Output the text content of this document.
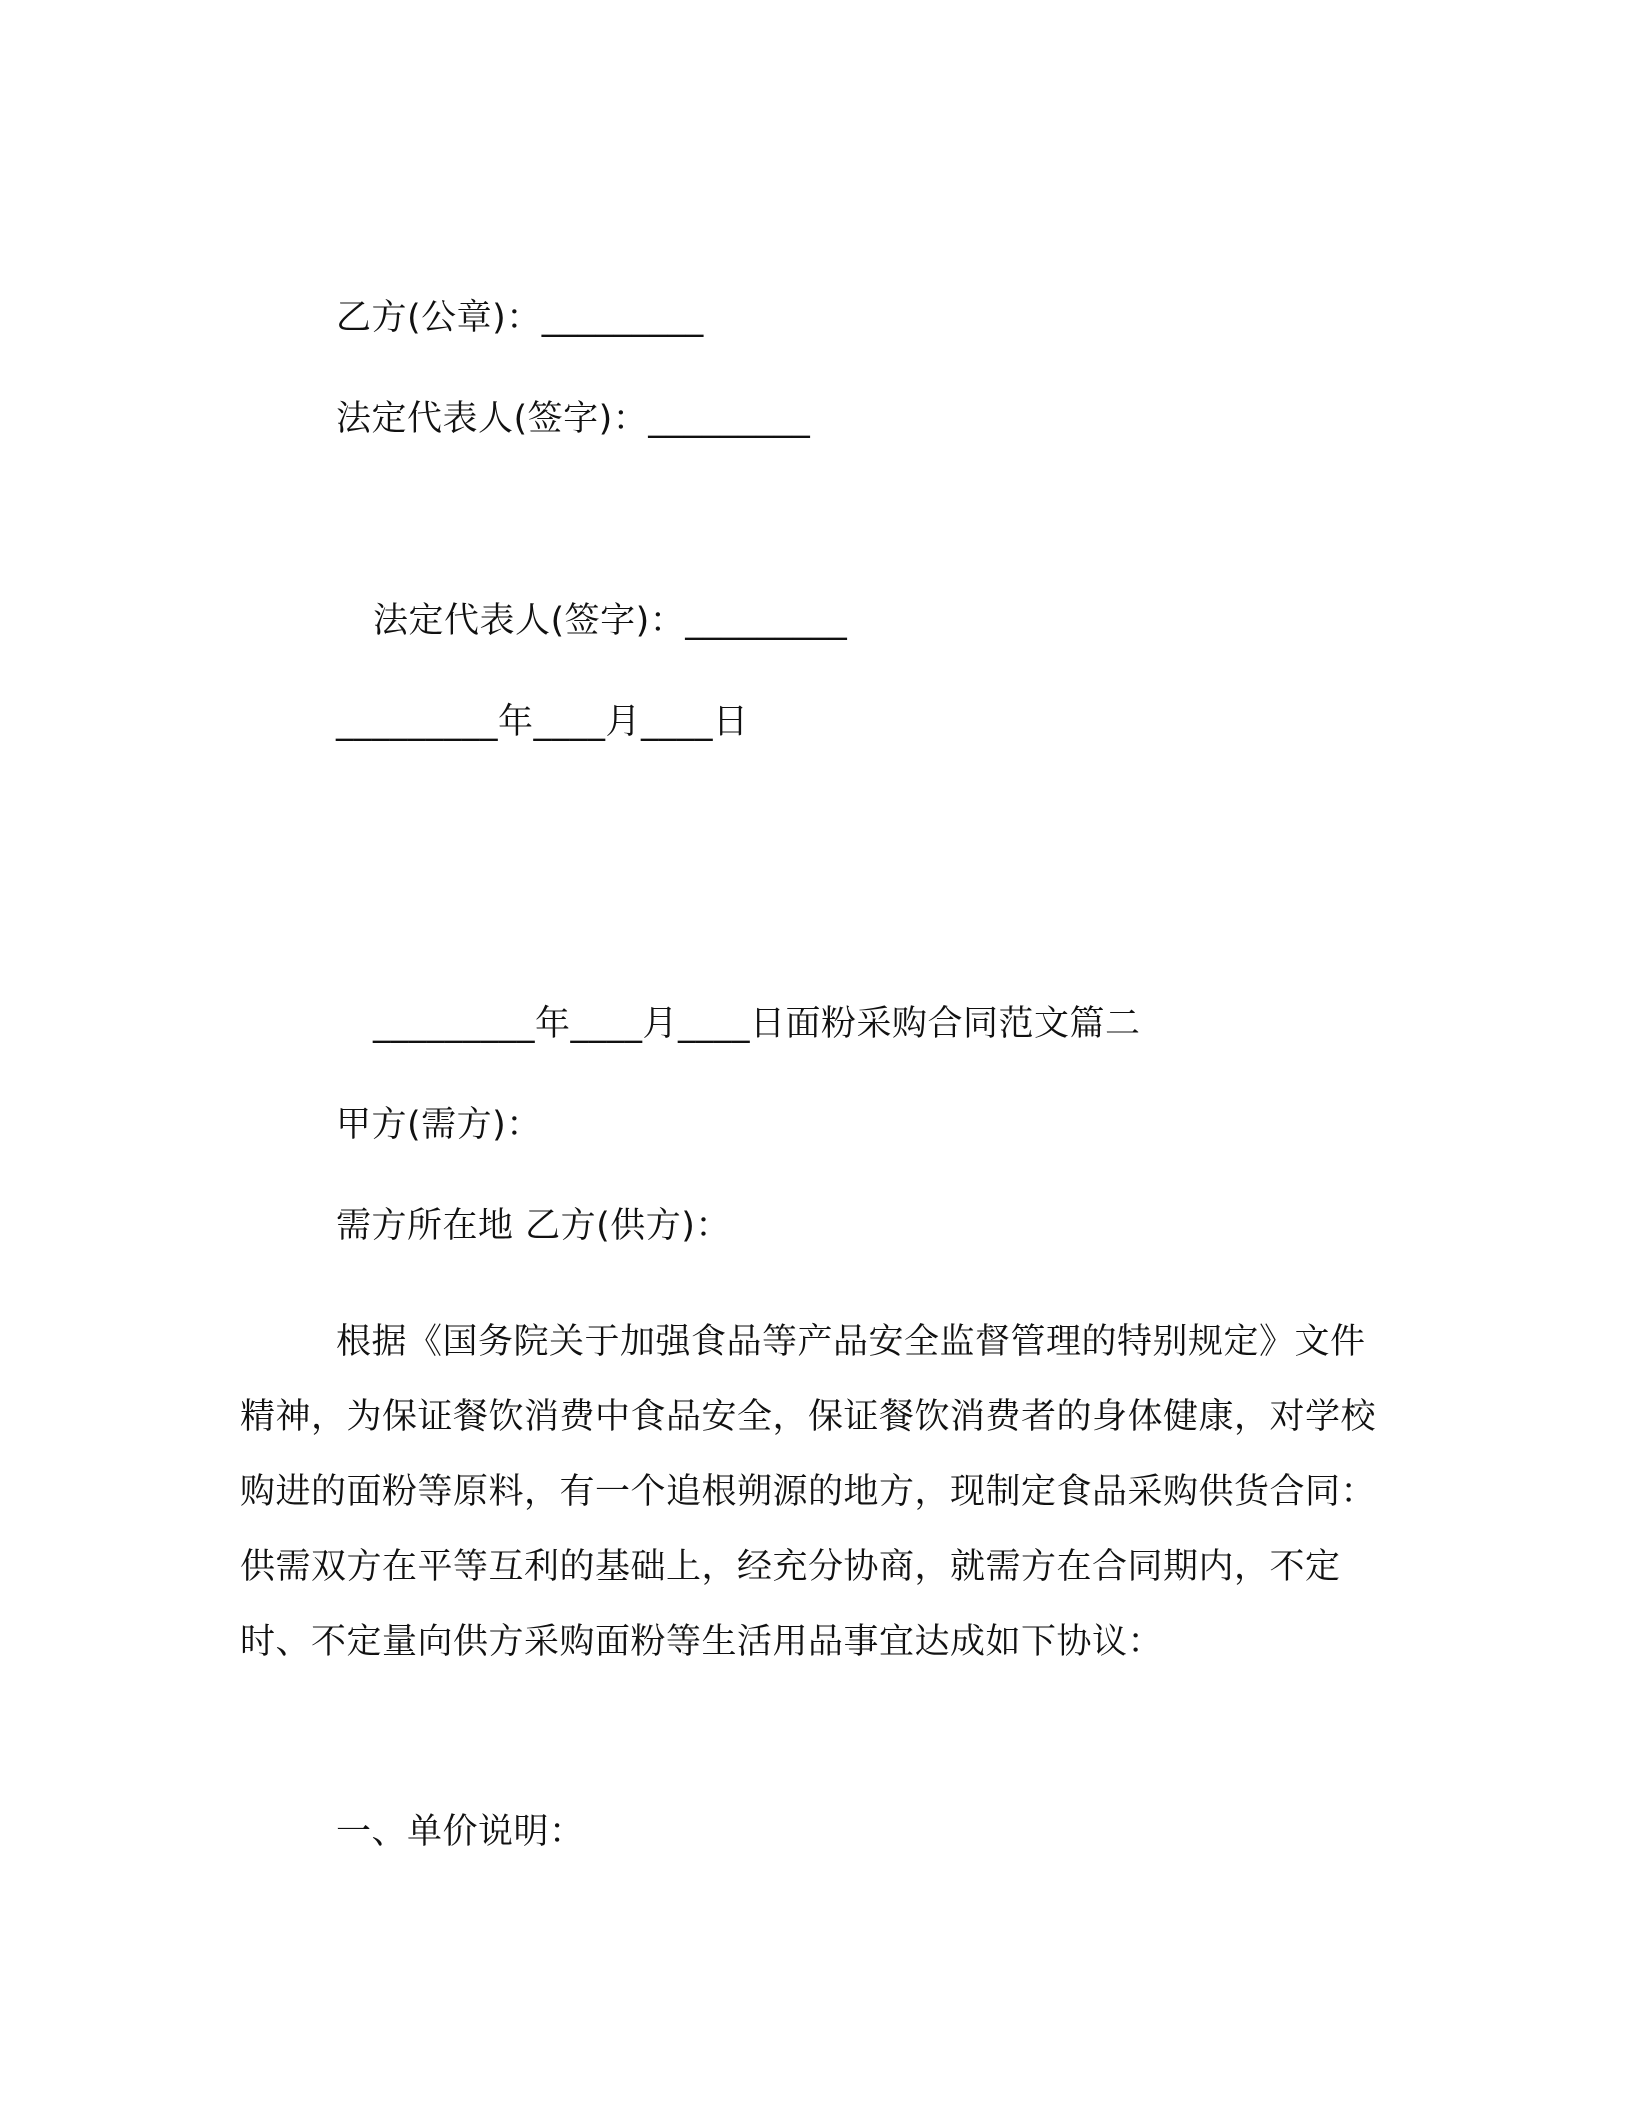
乙方(公章)：_________
法定代表人(签字)：_________
法定代表人(签字)：_________
_________年____月____日
_________年____月____日面粉采购合同范文篇二
甲方(需方)：
需方所在地 乙方(供方)：
根据《国务院关于加强食品等产品安全监督管理的特别规定》文件精神，为保证餐饮消费中食品安全，保证餐饮消费者的身体健康，对学校购进的面粉等原料，有一个追根朔源的地方，现制定食品采购供货合同：供需双方在平等互利的基础上，经充分协商，就需方在合同期内，不定时、不定量向供方采购面粉等生活用品事宜达成如下协议：
一、单价说明：
